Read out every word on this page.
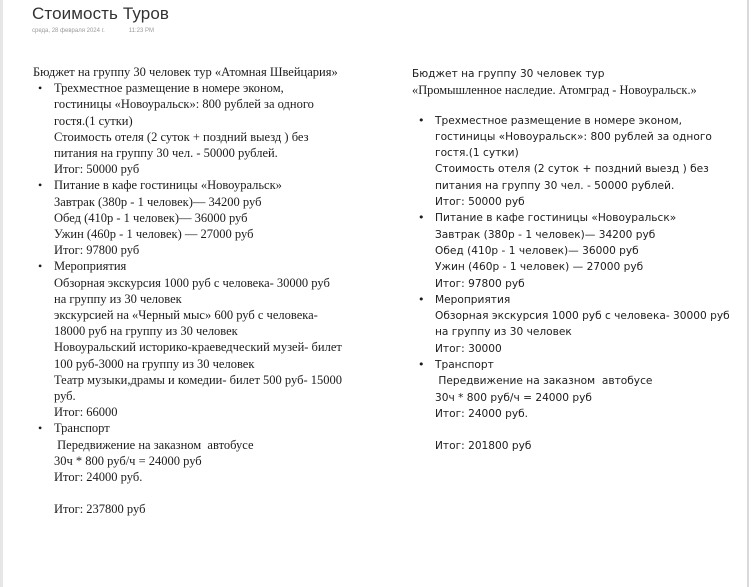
Стоимость Туров
среда, 28 февраля 2024 г.	11:23 PM

Бюджет на группу 30 человек тур «Атомная Швейцария»

• Трехместное размещение в номере эконом, гостиницы «Новоуральск»: 800 рублей за одного гостя.(1 сутки)
Стоимость отеля (2 суток + поздний выезд ) без питания на группу 30 чел. - 50000 рублей.
Итог: 50000 руб
• Питание в кафе гостиницы «Новоуральск»
Завтрак (380р - 1 человек)— 34200 руб
Обед (410р - 1 человек)— 36000 руб
Ужин (460р - 1 человек) — 27000 руб
Итог: 97800 руб
• Мероприятия
Обзорная экскурсия 1000 руб с человека- 30000 руб на группу из 30 человек
экскурсией на «Черный мыс» 600 руб с человека- 18000 руб на группу из 30 человек
Новоуральский историко-краеведческий музей- билет 100 руб-3000 на группу из 30 человек
Театр музыки,драмы и комедии- билет 500 руб- 15000 руб.
Итог: 66000
• Транспорт
Передвижение на заказном  автобусе
30ч * 800 руб/ч = 24000 руб
Итог: 24000 руб.
Итог: 237800 руб

Бюджет на группу 30 человек тур
«Промышленное наследие. Атомград - Новоуральск.»

• Трехместное размещение в номере эконом, гостиницы «Новоуральск»: 800 рублей за одного гостя.(1 сутки)
Стоимость отеля (2 суток + поздний выезд ) без питания на группу 30 чел. - 50000 рублей.
Итог: 50000 руб
• Питание в кафе гостиницы «Новоуральск»
Завтрак (380р - 1 человек)— 34200 руб
Обед (410р - 1 человек)— 36000 руб
Ужин (460р - 1 человек) — 27000 руб
Итог: 97800 руб
• Мероприятия
Обзорная экскурсия 1000 руб с человека- 30000 руб на группу из 30 человек
Итог: 30000
• Транспорт
Передвижение на заказном  автобусе
30ч * 800 руб/ч = 24000 руб
Итог: 24000 руб.
Итог: 201800 руб
